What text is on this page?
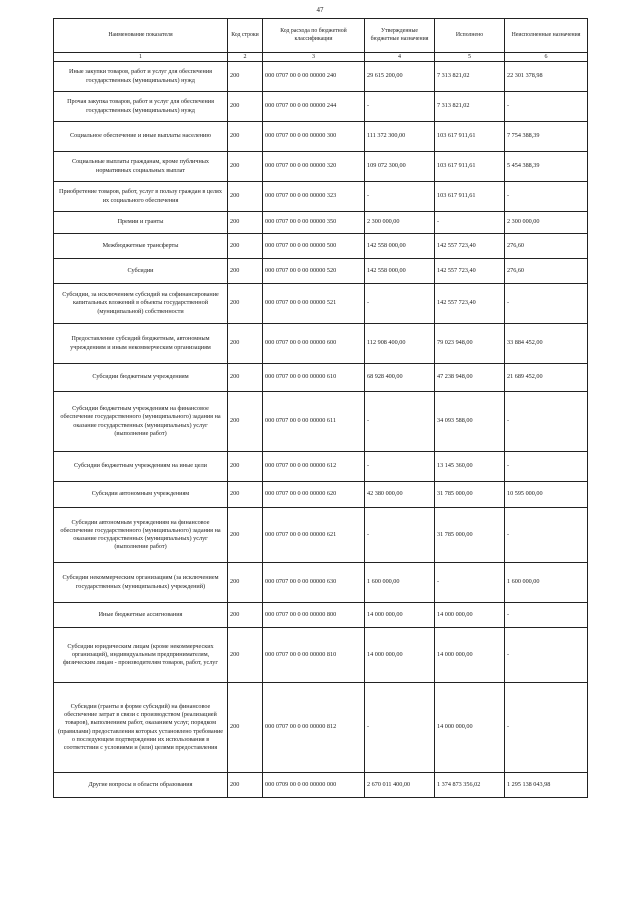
47
Наименование показателя	Код строки	Код расхода по бюджетной классификации	Утвержденные бюджетные назначения	Исполнено	Неисполненные назначения
1	2	3	4	5	6
Иные закупки товаров, работ и услуг для обеспечения государственных (муниципальных) нужд	200	000 0707 00 0 00 00000 240	29 615 200,00	7 313 821,02	22 301 378,98
Прочая закупка товаров, работ и услуг для обеспечения государственных (муниципальных) нужд	200	000 0707 00 0 00 00000 244	-	7 313 821,02	-
Социальное обеспечение и иные выплаты населению	200	000 0707 00 0 00 00000 300	111 372 300,00	103 617 911,61	7 754 388,39
Социальные выплаты гражданам, кроме публичных нормативных социальных выплат	200	000 0707 00 0 00 00000 320	109 072 300,00	103 617 911,61	5 454 388,39
Приобретение товаров, работ, услуг в пользу граждан в целях их социального обеспечения	200	000 0707 00 0 00 00000 323	-	103 617 911,61	-
Премии и гранты	200	000 0707 00 0 00 00000 350	2 300 000,00	-	2 300 000,00
Межбюджетные трансферты	200	000 0707 00 0 00 00000 500	142 558 000,00	142 557 723,40	276,60
Субсидии	200	000 0707 00 0 00 00000 520	142 558 000,00	142 557 723,40	276,60
Субсидии, за исключением субсидий на софинансирование капитальных вложений в объекты государственной (муниципальной) собственности	200	000 0707 00 0 00 00000 521	-	142 557 723,40	-
Предоставление субсидий бюджетным, автономным учреждениям и иным некоммерческим организациям	200	000 0707 00 0 00 00000 600	112 908 400,00	79 023 948,00	33 884 452,00
Субсидии бюджетным учреждениям	200	000 0707 00 0 00 00000 610	68 928 400,00	47 238 948,00	21 689 452,00
Субсидии бюджетным учреждениям на финансовое обеспечение государственного (муниципального) задания на оказание государственных (муниципальных) услуг (выполнение работ)	200	000 0707 00 0 00 00000 611	-	34 093 588,00	-
Субсидии бюджетным учреждениям на иные цели	200	000 0707 00 0 00 00000 612	-	13 145 360,00	-
Субсидии автономным учреждениям	200	000 0707 00 0 00 00000 620	42 380 000,00	31 785 000,00	10 595 000,00
Субсидии автономным учреждениям на финансовое обеспечение государственного (муниципального) задания на оказание государственных (муниципальных) услуг (выполнение работ)	200	000 0707 00 0 00 00000 621	-	31 785 000,00	-
Субсидии некоммерческим организациям (за исключением государственных (муниципальных) учреждений)	200	000 0707 00 0 00 00000 630	1 600 000,00	-	1 600 000,00
Иные бюджетные ассигнования	200	000 0707 00 0 00 00000 800	14 000 000,00	14 000 000,00	-
Субсидии юридическим лицам (кроме некоммерческих организаций), индивидуальным предпринимателям, физическим лицам - производителям товаров, работ, услуг	200	000 0707 00 0 00 00000 810	14 000 000,00	14 000 000,00	-
Субсидии (гранты в форме субсидий) на финансовое обеспечение затрат в связи с производством (реализацией товаров), выполнением работ, оказанием услуг, порядком (правилами) предоставления которых установлено требование о последующем подтверждении их использования в соответствии с условиями и (или) целями предоставления	200	000 0707 00 0 00 00000 812	-	14 000 000,00	-
Другие вопросы в области образования	200	000 0709 00 0 00 00000 000	2 670 011 400,00	1 374 873 356,02	1 295 138 043,98
